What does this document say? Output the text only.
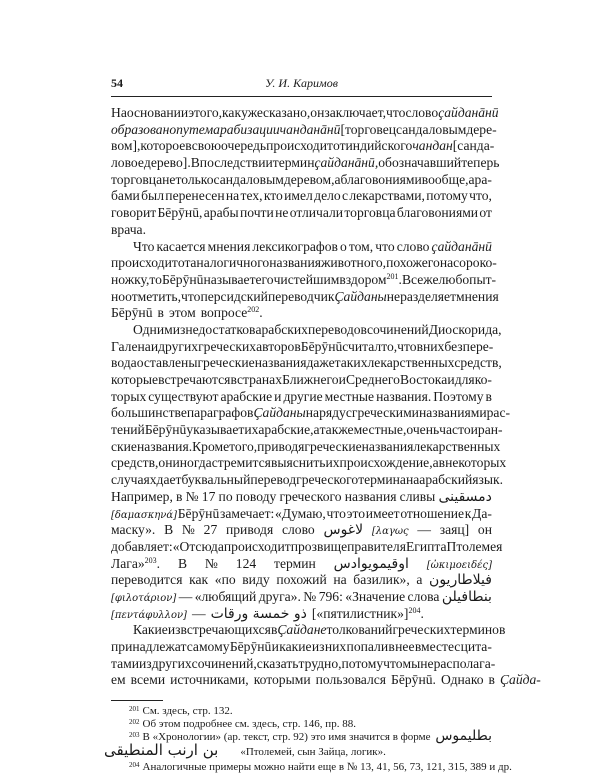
54	У. И. Каримов
На основании этого, как уже сказано, он заключает, что слово ҫайданāнū
образовано путем арабизации чанданāнū [торговец сандаловым дере-
вом], которое в свою очередь происходит от индийского чандан [санда-
ловое дерево]. Впоследствии термин ҫайданāнū, обозначавший теперь
торговца не только сандаловым деревом, а благовониями вообще, ара-
бами был перенесен на тех, кто имел дело с лекарствами, потому что,
говорит Бēрӯнū, арабы почти не отличали торговца благовониями от
врача.
Что касается мнения лексикографов о том, что слово ҫайданāнū
происходит от аналогичного названия животного, похожего на сороко-
ножку, то Бēрӯнū называет его чистейшим вздором$^{201}$. Все же любопыт-
но отметить, что персидский переводчик Ҫайданы не разделяет мнения
Бēрӯнū в этом вопросе$^{202}$.
Одним из недостатков арабских переводов сочинений Диоскорида,
Галена и других греческих авторов Бēрӯнū считал то, что в них без пере-
вода оставлены греческие названия даже таких лекарственных средств,
которые встречаются в странах Ближнего и Среднего Востока и для ко-
торых существуют арабские и другие местные названия. Поэтому в
большинстве параграфов Ҫайданы наряду с греческими названиями рас-
тений Бēрӯнū указывает их арабские, а также местные, очень часто иран-
ские названия. Кроме того, приводя греческие названия лекарственных
средств, он иногда стремится выяснить их происхождение, а в некоторых
случаях дает буквальный перевод греческого термина на арабский язык.
Например, в № 17 по поводу греческого названия сливы دمسقينى
[δαμασκηνά] Бēрӯнū замечает: «Думаю, что это имеет отношение к Да-
маску». В № 27 приводя слово لاغوس [λαγως — заяц] он
добавляет: «Отсюда происходит прозвище правителя Египта Птолемея
Лага»$^{203}$. В № 124 термин اوقيمويوادس [ὠκιμοειδές]
переводится как «по виду похожий на базилик», а فيلاطاريون
[φιλοτάριον] — «любящий друга». № 796: «Значение слова بنطافيلن
[πεντάφυλλον] — ذو خمسة ورقات [«пятилистник»]$^{204}$.
Какие из встречающихся в Ҫайдане толкований греческих терминов
принадлежат самому Бēрӯнū и какие из них попали в нее вместе с цита-
тами из других сочинений, сказать трудно, потому что мы не располага-
ем всеми источниками, которыми пользовался Бēрӯнū. Однако в Ҫайда-
$^{201}$ См. здесь, стр. 132.
$^{202}$ Об этом подробнее см. здесь, стр. 146, пр. 88.
$^{203}$ В «Хронологии» (ар. текст, стр. 92) это имя значится в форме بطليموس
بن ارنب المنطيقى «Птолемей, сын Зайца, логик».
$^{204}$ Аналогичные примеры можно найти еще в № 13, 41, 56, 73, 121, 315, 389 и др.
